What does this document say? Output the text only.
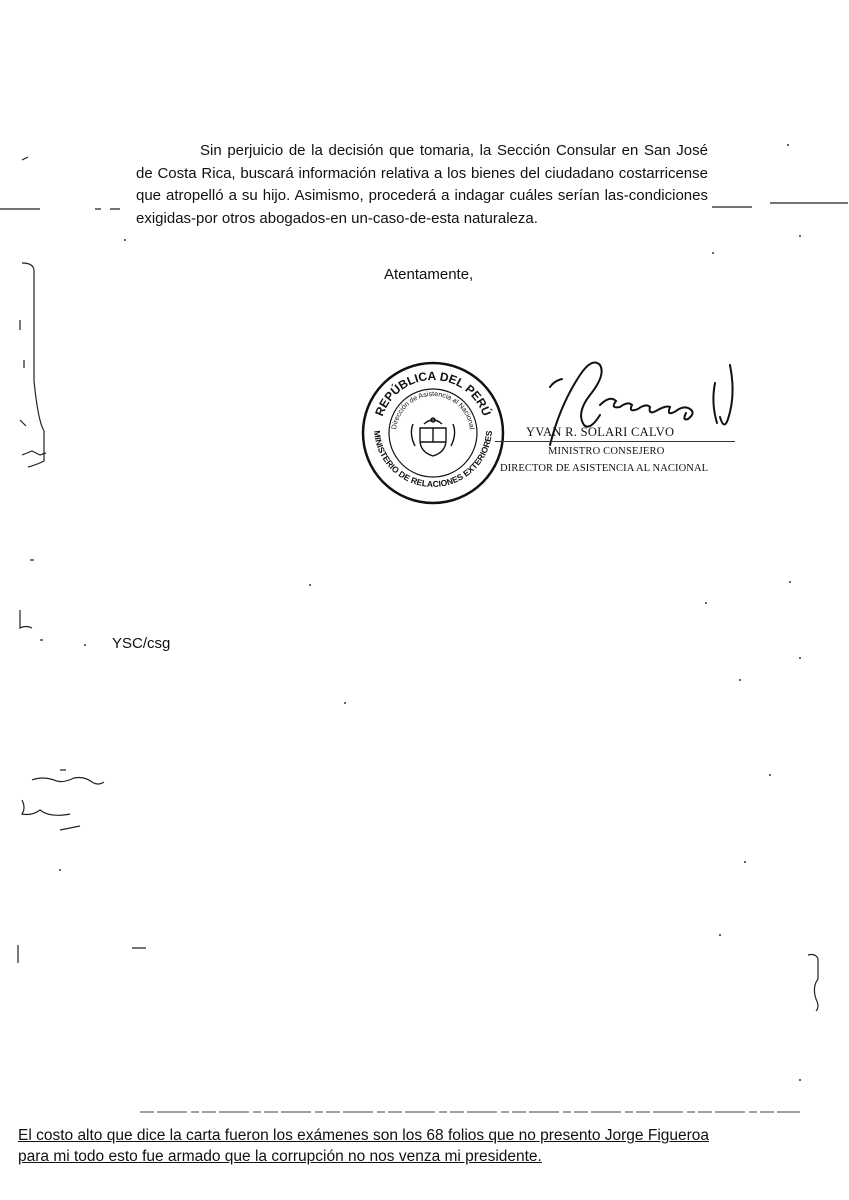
Sin perjuicio de la decisión que tomaria, la Sección Consular en San José de Costa Rica, buscará información relativa a los bienes del ciudadano costarricense que atropelló a su hijo. Asimismo, procederá a indagar cuáles serían las-condiciones exigidas-por otros abogados-en un-caso-de-esta naturaleza.

Atentamente,
REPÚBLICA DEL PERÚ
Dirección de Asistencia al Nacional
MINISTERIO DE RELACIONES EXTERIORES	YVAN R. SOLARI CALVO
MINISTRO CONSEJERO
DIRECTOR DE ASISTENCIA AL NACIONAL
YSC/csg

El costo alto que dice la carta fueron los exámenes son los 68 folios que no presento Jorge Figueroa
para mi todo esto fue armado que la corrupción no nos venza mi presidente.
